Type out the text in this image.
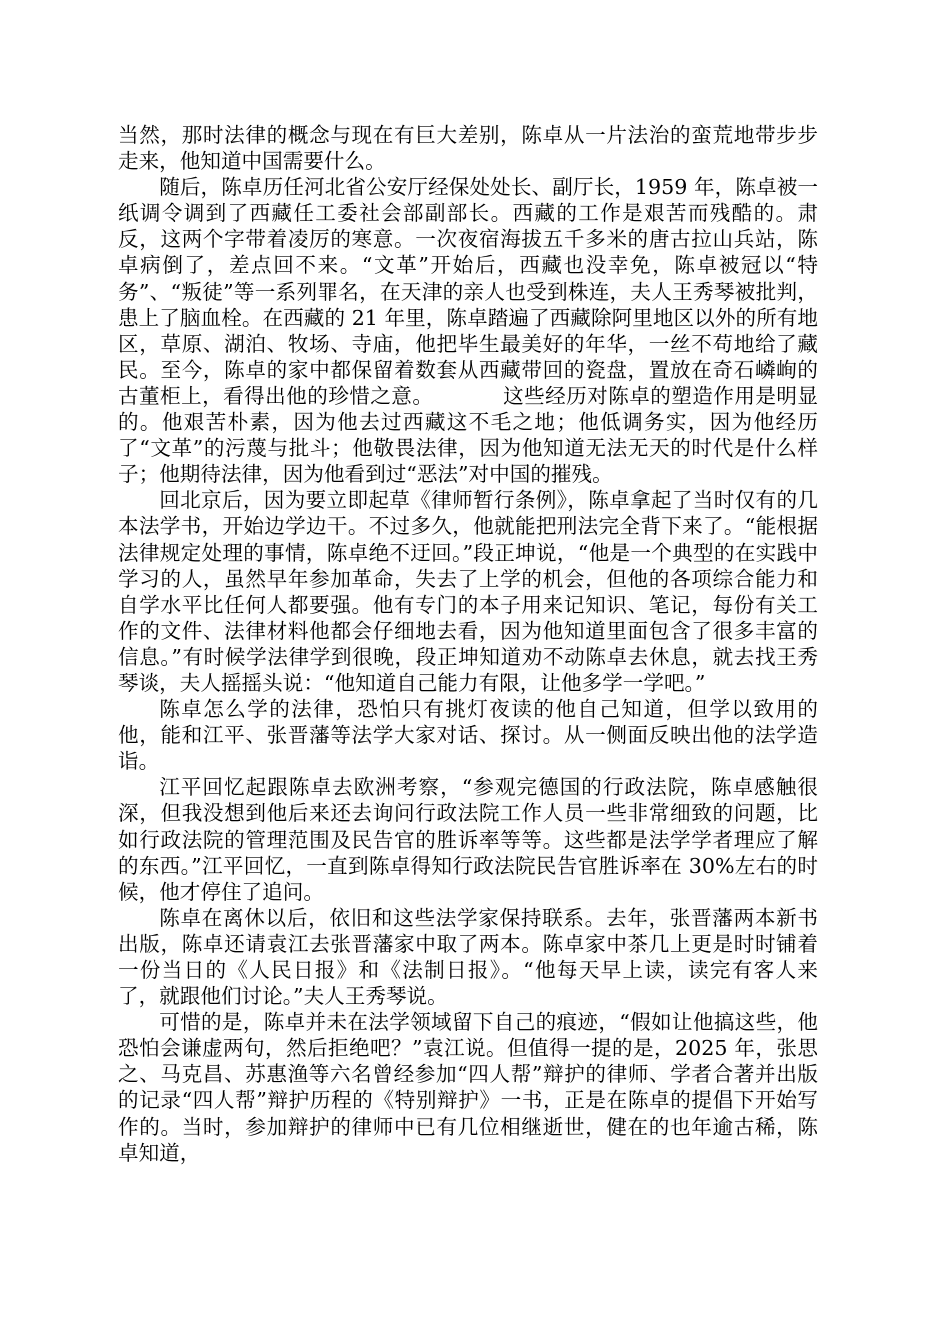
当然，那时法律的概念与现在有巨大差别，陈卓从一片法治的蛮荒地带步步走来，他知道中国需要什么。

随后，陈卓历任河北省公安厅经保处处长、副厅长，1959 年，陈卓被一纸调令调到了西藏任工委社会部副部长。西藏的工作是艰苦而残酷的。肃反，这两个字带着凌厉的寒意。一次夜宿海拔五千多米的唐古拉山兵站，陈卓病倒了，差点回不来。“文革”开始后，西藏也没幸免，陈卓被冠以“特务”、“叛徒”等一系列罪名，在天津的亲人也受到株连，夫人王秀琴被批判，患上了脑血栓。在西藏的 21 年里，陈卓踏遍了西藏除阿里地区以外的所有地区，草原、湖泊、牧场、寺庙，他把毕生最美好的年华，一丝不苟地给了藏民。至今，陈卓的家中都保留着数套从西藏带回的瓷盘，置放在奇石嶙峋的古董柜上，看得出他的珍惜之意。          这些经历对陈卓的塑造作用是明显的。他艰苦朴素，因为他去过西藏这不毛之地；他低调务实，因为他经历了“文革”的污蔑与批斗；他敬畏法律，因为他知道无法无天的时代是什么样子；他期待法律，因为他看到过“恶法”对中国的摧残。

回北京后，因为要立即起草《律师暂行条例》，陈卓拿起了当时仅有的几本法学书，开始边学边干。不过多久，他就能把刑法完全背下来了。“能根据法律规定处理的事情，陈卓绝不迂回。”段正坤说，“他是一个典型的在实践中学习的人，虽然早年参加革命，失去了上学的机会，但他的各项综合能力和自学水平比任何人都要强。他有专门的本子用来记知识、笔记，每份有关工作的文件、法律材料他都会仔细地去看，因为他知道里面包含了很多丰富的信息。”有时候学法律学到很晚，段正坤知道劝不动陈卓去休息，就去找王秀琴谈，夫人摇摇头说：“他知道自己能力有限，让他多学一学吧。”

陈卓怎么学的法律，恐怕只有挑灯夜读的他自己知道，但学以致用的他，能和江平、张晋藩等法学大家对话、探讨。从一侧面反映出他的法学造诣。

江平回忆起跟陈卓去欧洲考察，“参观完德国的行政法院，陈卓感触很深，但我没想到他后来还去询问行政法院工作人员一些非常细致的问题，比如行政法院的管理范围及民告官的胜诉率等等。这些都是法学学者理应了解的东西。”江平回忆，一直到陈卓得知行政法院民告官胜诉率在 30%左右的时候，他才停住了追问。

陈卓在离休以后，依旧和这些法学家保持联系。去年，张晋藩两本新书出版，陈卓还请袁江去张晋藩家中取了两本。陈卓家中茶几上更是时时铺着一份当日的《人民日报》和《法制日报》。“他每天早上读，读完有客人来了，就跟他们讨论。”夫人王秀琴说。

可惜的是，陈卓并未在法学领域留下自己的痕迹，“假如让他搞这些，他恐怕会谦虚两句，然后拒绝吧？”袁江说。但值得一提的是，2025 年，张思之、马克昌、苏惠渔等六名曾经参加“四人帮”辩护的律师、学者合著并出版的记录“四人帮”辩护历程的《特别辩护》一书，正是在陈卓的提倡下开始写作的。当时，参加辩护的律师中已有几位相继逝世，健在的也年逾古稀，陈卓知道，
